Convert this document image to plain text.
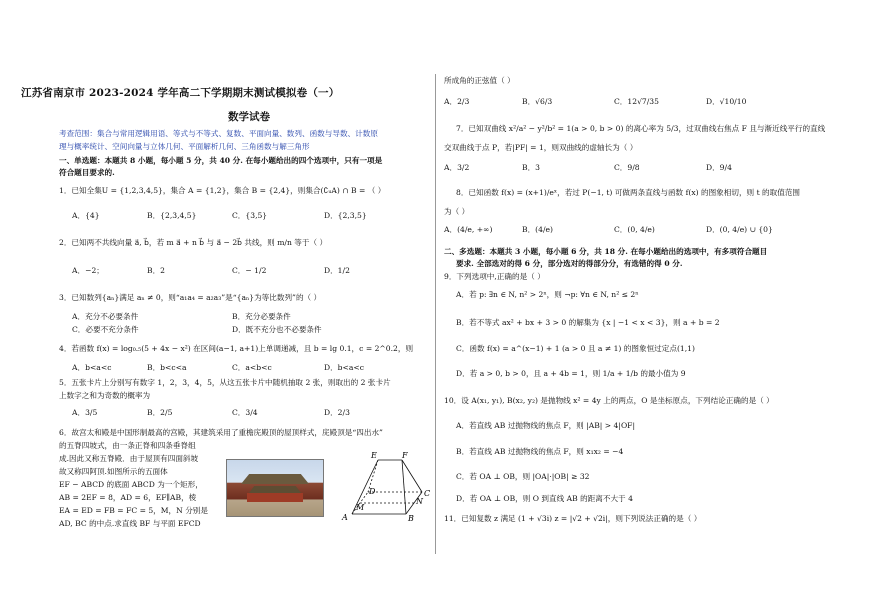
江苏省南京市 2023-2024 学年高二下学期期末测试模拟卷（一）
数学试卷
考查范围：集合与常用逻辑用语、等式与不等式、复数、平面向量、数列、函数与导数、计数原
理与概率统计、空间向量与立体几何、平面解析几何、三角函数与解三角形
一、单选题：本题共 8 小题，每小题 5 分，共 40 分. 在每小题给出的四个选项中，只有一项是
符合题目要求的.
1．已知全集U = {1,2,3,4,5}，集合 A = {1,2}，集合 B = {2,4}，则集合(∁ᵤA) ∩ B = （ ）
A．{4}	B．{2,3,4,5}	C．{3,5}	D．{2,3,5}
2．已知两不共线向量 a⃗, b⃗，若 m a⃗ + n b⃗ 与 a⃗ − 2b⃗ 共线，则 m/n 等于（ ）
A．−2；	B．2	C．− 1/2	D．1/2
3．已知数列{aₙ}满足 aₙ ≠ 0，则“a₁a₄ = a₂a₃”是“{aₙ}为等比数列”的（ ）
A．充分不必要条件	B．充分必要条件
C．必要不充分条件	D．既不充分也不必要条件
4．若函数 f(x) = log₀.₅(5 + 4x − x²) 在区间(a−1, a+1)上单调递减，且 b = lg 0.1，c = 2^0.2，则
A．b<a<c	B．b<c<a	C．a<b<c	D．b<a<c
5．五张卡片上分别写有数字 1，2，3，4，5，从这五张卡片中随机抽取 2 张，则取出的 2 张卡片
上数字之和为奇数的概率为
A．3/5	B．2/5	C．3/4	D．2/3
6．故宫太和殿是中国形制最高的宫殿，其建筑采用了重檐庑殿顶的屋顶样式，庑殿顶是“四出水”
的五脊四坡式，由一条正脊和四条垂脊组
成.因此又称五脊殿．由于屋顶有四面斜坡
故又称四阿顶.如图所示的五面体
EF − ABCD 的底面 ABCD 为一个矩形，
AB = 2EF = 8，AD = 6，EF∥AB，棱
EA = ED = FB = FC = 5，M，N 分别是
AD, BC 的中点.求直线 BF 与平面 EFCD
E	F
D
N
C
M
A	B
所成角的正弦值（ ）
A．2/3	B．√6/3	C．12√7/35	D．√10/10
7．已知双曲线 x²/a² − y²/b² = 1(a > 0, b > 0) 的离心率为 5/3，过双曲线右焦点 F 且与渐近线平行的直线
交双曲线于点 P，若|PF| = 1，则双曲线的虚轴长为（ ）
A．3/2	B．3	C．9/8	D．9/4
8．已知函数 f(x) = (x+1)/eˣ，若过 P(−1, t) 可做两条直线与函数 f(x) 的图象相切，则 t 的取值范围
为（ ）
A．(4/e, +∞)	B．(4/e)	C．(0, 4/e)	D．(0, 4/e) ∪ {0}
二、多选题：本题共 3 小题，每小题 6 分，共 18 分. 在每小题给出的选项中，有多项符合题目
要求. 全部选对的得 6 分，部分选对的得部分分，有选错的得 0 分.
9．下列选项中,正确的是（ ）
A．若 p: ∃n ∈ N, n² > 2ⁿ，则 ¬p: ∀n ∈ N, n² ≤ 2ⁿ
B．若不等式 ax² + bx + 3 > 0 的解集为 {x | −1 < x < 3}，则 a + b = 2
C．函数 f(x) = a^(x−1) + 1 (a > 0 且 a ≠ 1) 的图象恒过定点(1,1)
D．若 a > 0, b > 0，且 a + 4b = 1，则 1/a + 1/b 的最小值为 9
10．设 A(x₁, y₁), B(x₂, y₂) 是抛物线 x² = 4y 上的两点，O 是坐标原点，下列结论正确的是（ ）
A．若直线 AB 过抛物线的焦点 F，则 |AB| > 4|OF|
B．若直线 AB 过抛物线的焦点 F，则 x₁x₂ = −4
C．若 OA ⊥ OB，则 |OA|·|OB| ≥ 32
D．若 OA ⊥ OB，则 O 到直线 AB 的距离不大于 4
11．已知复数 z 满足 (1 + √3i) z = |√2 + √2i|，则下列说法正确的是（ ）
